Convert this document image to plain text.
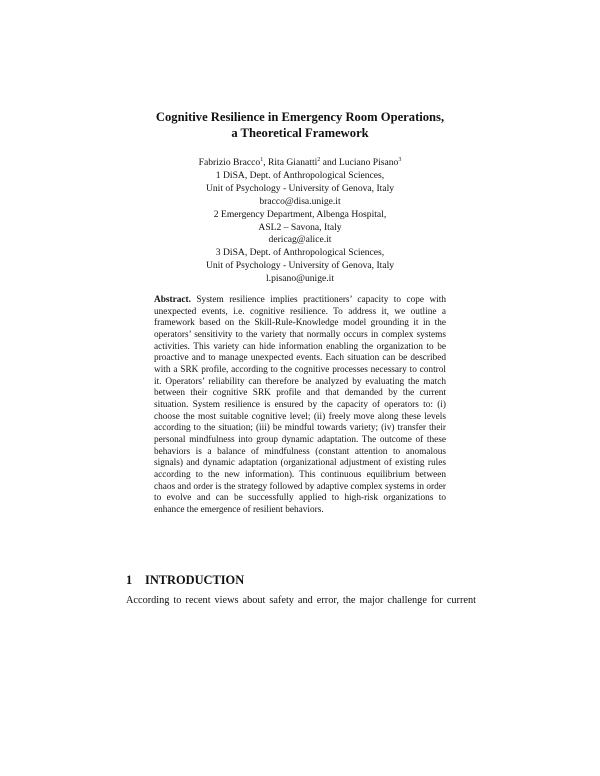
Cognitive Resilience in Emergency Room Operations,
a Theoretical Framework
Fabrizio Bracco$^1$, Rita Gianatti$^2$ and Luciano Pisano$^3$
1 DiSA, Dept. of Anthropological Sciences,
Unit of Psychology - University of Genova, Italy
bracco@disa.unige.it
2 Emergency Department, Albenga Hospital,
ASL2 – Savona, Italy
dericag@alice.it
3 DiSA, Dept. of Anthropological Sciences,
Unit of Psychology - University of Genova, Italy
l.pisano@unige.it
Abstract. System resilience implies practitioners’ capacity to cope with unexpected events, i.e. cognitive resilience. To address it, we outline a framework based on the Skill-Rule-Knowledge model grounding it in the operators’ sensitivity to the variety that normally occurs in complex systems activities. This variety can hide information enabling the organization to be proactive and to manage unexpected events. Each situation can be described with a SRK profile, according to the cognitive processes necessary to control it. Operators’ reliability can therefore be analyzed by evaluating the match between their cognitive SRK profile and that demanded by the current situation. System resilience is ensured by the capacity of operators to: (i) choose the most suitable cognitive level; (ii) freely move along these levels according to the situation; (iii) be mindful towards variety; (iv) transfer their personal mindfulness into group dynamic adaptation. The outcome of these behaviors is a balance of mindfulness (constant attention to anomalous signals) and dynamic adaptation (organizational adjustment of existing rules according to the new information). This continuous equilibrium between chaos and order is the strategy followed by adaptive complex systems in order to evolve and can be successfully applied to high-risk organizations to enhance the emergence of resilient behaviors.
1 INTRODUCTION
According to recent views about safety and error, the major challenge for current
